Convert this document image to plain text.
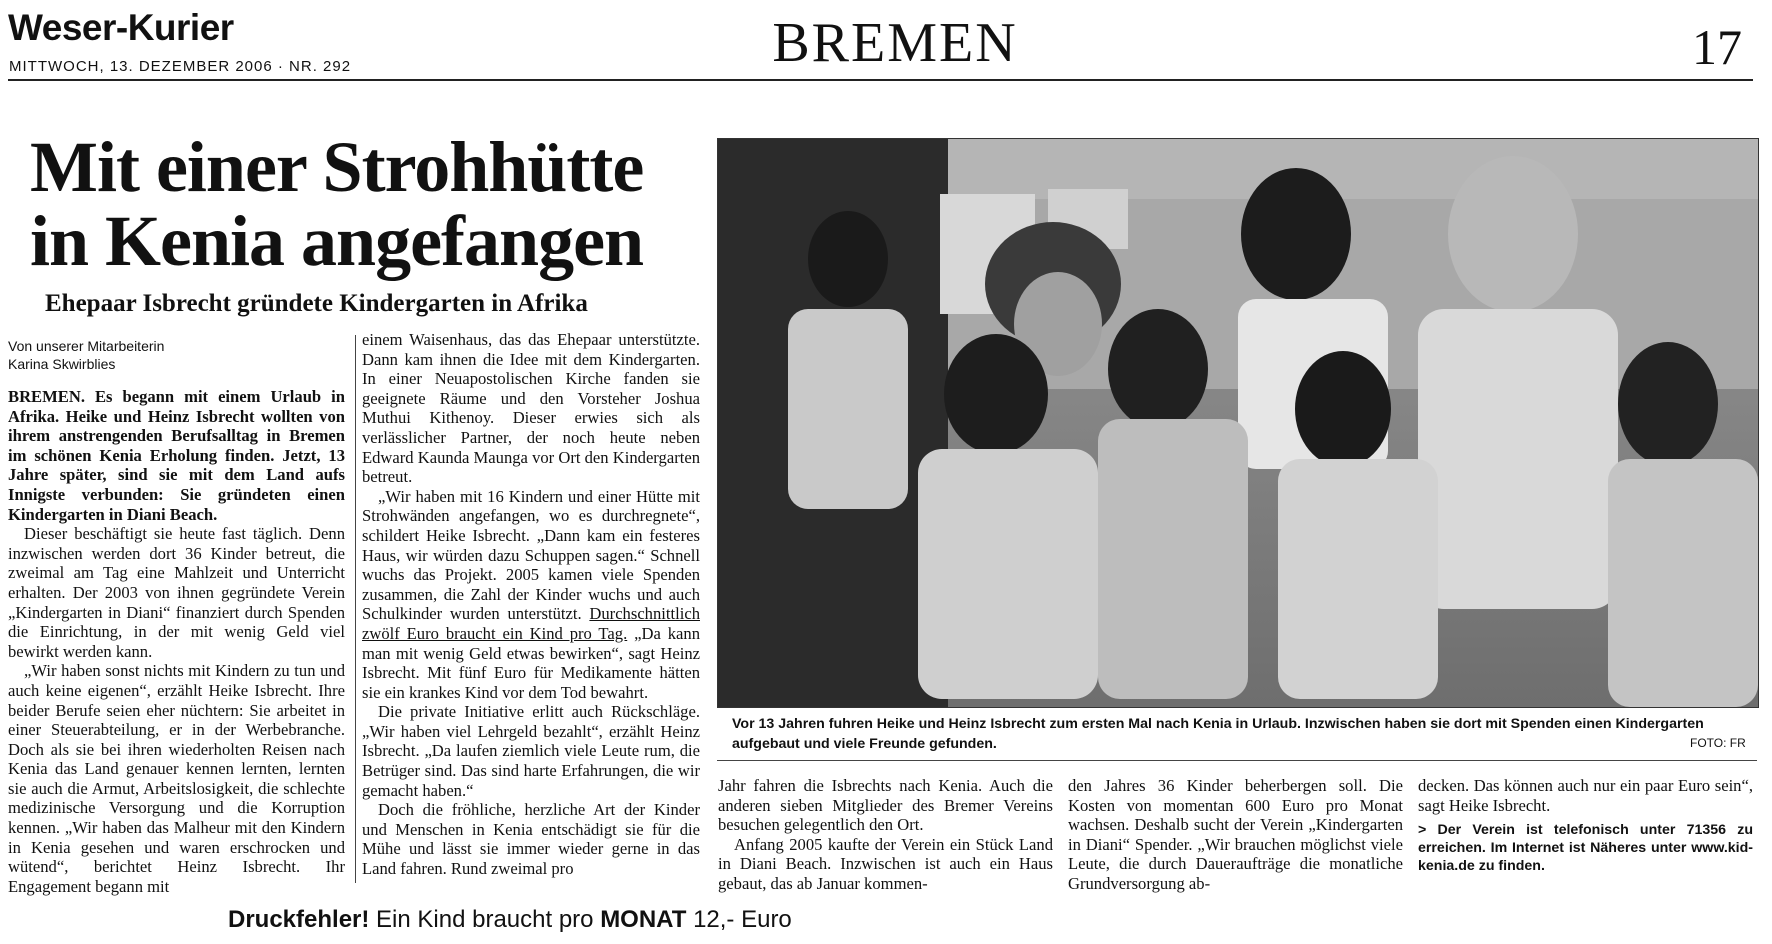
Weser-Kurier
MITTWOCH, 13. DEZEMBER 2006 · NR. 292	BREMEN	17
Mit einer Strohhütte
in Kenia angefangen
Ehepaar Isbrecht gründete Kindergarten in Afrika

Von unserer Mitarbeiterin
Karina Skwirblies

BREMEN. Es begann mit einem Urlaub in Afrika. Heike und Heinz Isbrecht wollten von ihrem anstrengenden Berufsalltag in Bremen im schönen Kenia Erholung finden. Jetzt, 13 Jahre später, sind sie mit dem Land aufs Innigste verbunden: Sie gründeten einen Kindergarten in Diani Beach.

Dieser beschäftigt sie heute fast täglich. Denn inzwischen werden dort 36 Kinder betreut, die zweimal am Tag eine Mahlzeit und Unterricht erhalten. Der 2003 von ihnen gegründete Verein „Kindergarten in Diani“ finanziert durch Spenden die Einrichtung, in der mit wenig Geld viel bewirkt werden kann.

„Wir haben sonst nichts mit Kindern zu tun und auch keine eigenen“, erzählt Heike Isbrecht. Ihre beider Berufe seien eher nüchtern: Sie arbeitet in einer Steuerabteilung, er in der Werbebranche. Doch als sie bei ihren wiederholten Reisen nach Kenia das Land genauer kennen lernten, lernten sie auch die Armut, Arbeitslosigkeit, die schlechte medizinische Versorgung und die Korruption kennen. „Wir haben das Malheur mit den Kindern in Kenia gesehen und waren erschrocken und wütend“, berichtet Heinz Isbrecht. Ihr Engagement begann mit

einem Waisenhaus, das das Ehepaar unterstützte. Dann kam ihnen die Idee mit dem Kindergarten. In einer Neuapostolischen Kirche fanden sie geeignete Räume und den Vorsteher Joshua Muthui Kithenoy. Dieser erwies sich als verlässlicher Partner, der noch heute neben Edward Kaunda Maunga vor Ort den Kindergarten betreut.

„Wir haben mit 16 Kindern und einer Hütte mit Strohwänden angefangen, wo es durchregnete“, schildert Heike Isbrecht. „Dann kam ein festeres Haus, wir würden dazu Schuppen sagen.“ Schnell wuchs das Projekt. 2005 kamen viele Spenden zusammen, die Zahl der Kinder wuchs und auch Schulkinder wurden unterstützt. Durchschnittlich zwölf Euro braucht ein Kind pro Tag. „Da kann man mit wenig Geld etwas bewirken“, sagt Heinz Isbrecht. Mit fünf Euro für Medikamente hätten sie ein krankes Kind vor dem Tod bewahrt.

Die private Initiative erlitt auch Rückschläge. „Wir haben viel Lehrgeld bezahlt“, erzählt Heinz Isbrecht. „Da laufen ziemlich viele Leute rum, die Betrüger sind. Das sind harte Erfahrungen, die wir gemacht haben.“

Doch die fröhliche, herzliche Art der Kinder und Menschen in Kenia entschädigt sie für die Mühe und lässt sie immer wieder gerne in das Land fahren. Rund zweimal pro

Vor 13 Jahren fuhren Heike und Heinz Isbrecht zum ersten Mal nach Kenia in Urlaub. Inzwischen haben sie dort mit Spenden einen Kindergarten aufgebaut und viele Freunde gefunden.	FOTO: FR

Jahr fahren die Isbrechts nach Kenia. Auch die anderen sieben Mitglieder des Bremer Vereins besuchen gelegentlich den Ort.

Anfang 2005 kaufte der Verein ein Stück Land in Diani Beach. Inzwischen ist auch ein Haus gebaut, das ab Januar kommen-

den Jahres 36 Kinder beherbergen soll. Die Kosten von momentan 600 Euro pro Monat wachsen. Deshalb sucht der Verein „Kindergarten in Diani“ Spender. „Wir brauchen möglichst viele Leute, die durch Daueraufträge die monatliche Grundversorgung ab-

decken. Das können auch nur ein paar Euro sein“, sagt Heike Isbrecht.

> Der Verein ist telefonisch unter 71356 zu erreichen. Im Internet ist Näheres unter www.kid-kenia.de zu finden.

Druckfehler! Ein Kind braucht pro MONAT 12,- Euro
